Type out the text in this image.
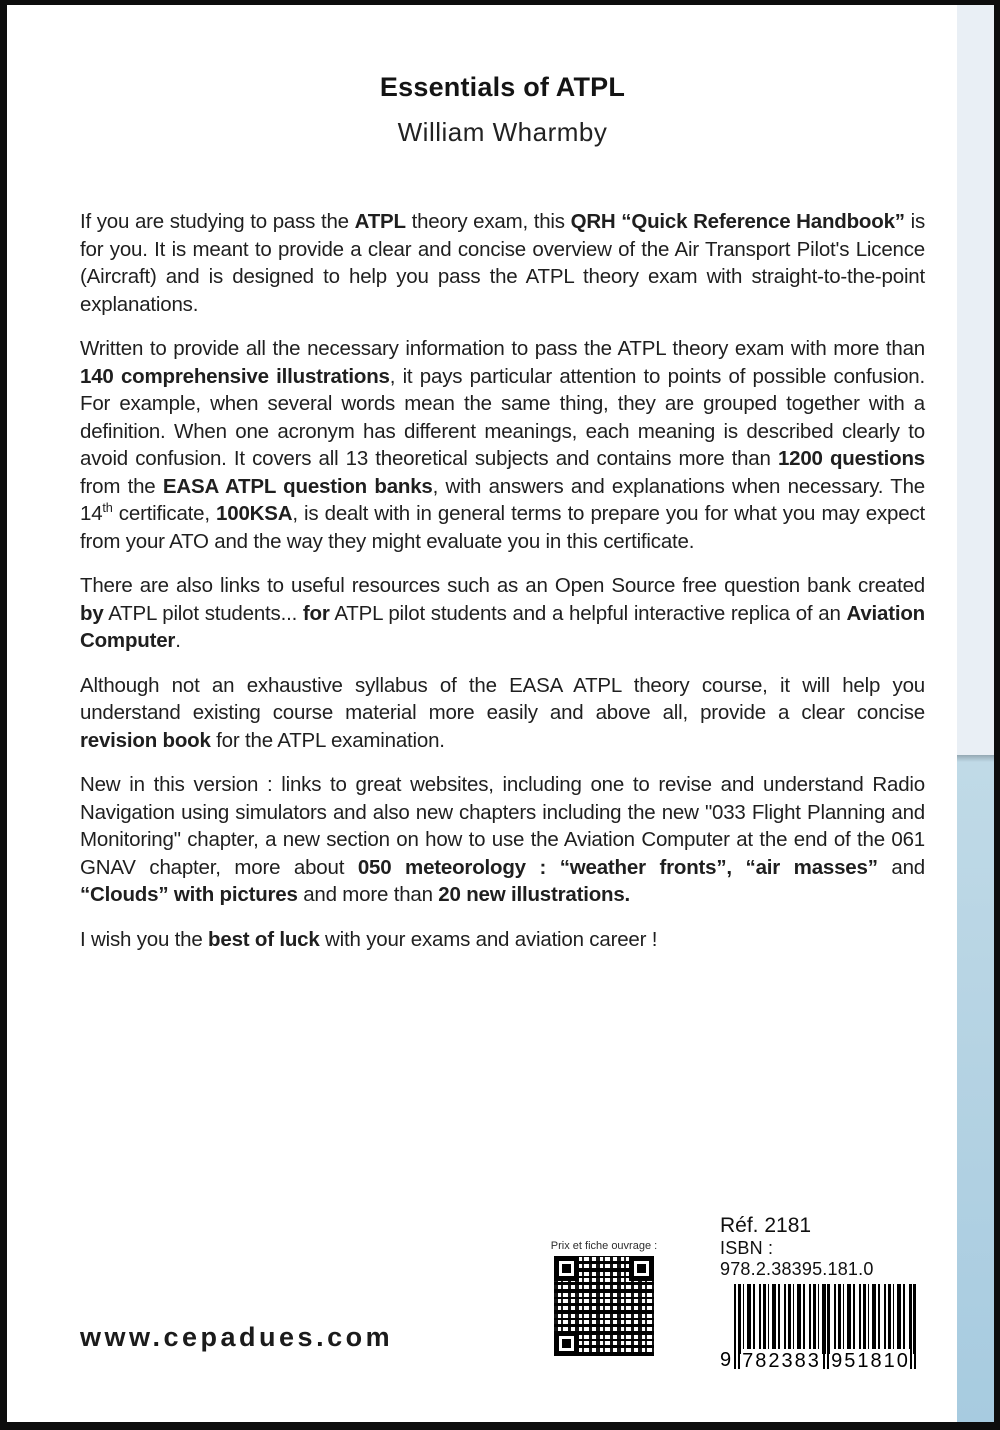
Essentials of ATPL
William Wharmby

If you are studying to pass the ATPL theory exam, this QRH “Quick Reference Handbook” is for you. It is meant to provide a clear and concise overview of the Air Transport Pilot's Licence (Aircraft) and is designed to help you pass the ATPL theory exam with straight-to-the-point explanations.

Written to provide all the necessary information to pass the ATPL theory exam with more than 140 comprehensive illustrations, it pays particular attention to points of possible confusion. For example, when several words mean the same thing, they are grouped together with a definition. When one acronym has different meanings, each meaning is described clearly to avoid confusion. It covers all 13 theoretical subjects and contains more than 1200 questions from the EASA ATPL question banks, with answers and explanations when necessary. The 14th certificate, 100KSA, is dealt with in general terms to prepare you for what you may expect from your ATO and the way they might evaluate you in this certificate.

There are also links to useful resources such as an Open Source free question bank created by ATPL pilot students... for ATPL pilot students and a helpful interactive replica of an Aviation Computer.

Although not an exhaustive syllabus of the EASA ATPL theory course, it will help you understand existing course material more easily and above all, provide a clear concise revision book for the ATPL examination.

New in this version : links to great websites, including one to revise and understand Radio Navigation using simulators and also new chapters including the new "033 Flight Planning and Monitoring" chapter, a new section on how to use the Aviation Computer at the end of the 061 GNAV chapter, more about 050 meteorology : “weather fronts”, “air masses” and “Clouds” with pictures and more than 20 new illustrations.

I wish you the best of luck with your exams and aviation career !

www.cepadues.com
Prix et fiche ouvrage :
Réf. 2181
ISBN : 978.2.38395.181.0
9 782383 951810
